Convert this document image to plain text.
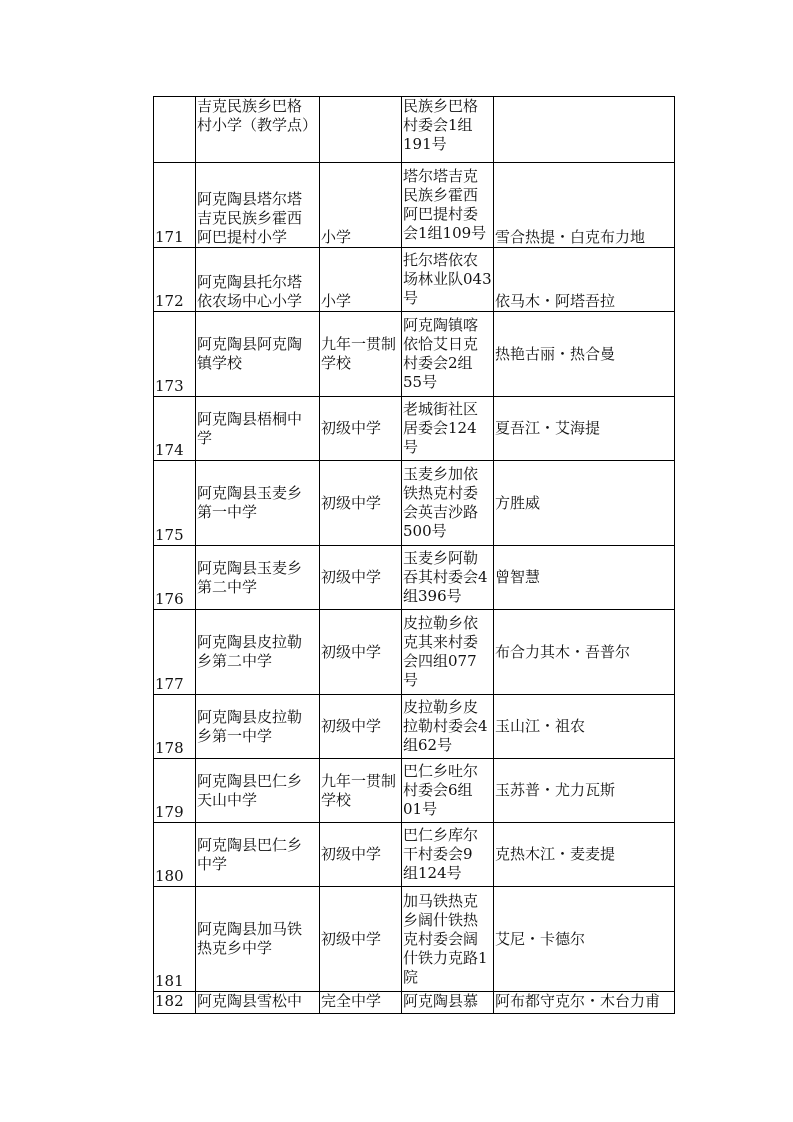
	吉克民族乡巴格
村小学（教学点）		民族乡巴格
村委会1组
191号	
171	阿克陶县塔尔塔
吉克民族乡霍西
阿巴提村小学	小学	塔尔塔吉克
民族乡霍西
阿巴提村委
会1组109号	雪合热提・白克布力地
172	阿克陶县托尔塔
依农场中心小学	小学	托尔塔依农
场林业队043
号	依马木・阿塔吾拉
173	阿克陶县阿克陶
镇学校	九年一贯制
学校	阿克陶镇喀
依恰艾日克
村委会2组
55号	热艳古丽・热合曼
174	阿克陶县梧桐中
学	初级中学	老城街社区
居委会124
号	夏吾江・艾海提
175	阿克陶县玉麦乡
第一中学	初级中学	玉麦乡加依
铁热克村委
会英吉沙路
500号	方胜威
176	阿克陶县玉麦乡
第二中学	初级中学	玉麦乡阿勒
吞其村委会4
组396号	曾智慧
177	阿克陶县皮拉勒
乡第二中学	初级中学	皮拉勒乡依
克其来村委
会四组077
号	布合力其木・吾普尔
178	阿克陶县皮拉勒
乡第一中学	初级中学	皮拉勒乡皮
拉勒村委会4
组62号	玉山江・祖农
179	阿克陶县巴仁乡
天山中学	九年一贯制
学校	巴仁乡吐尔
村委会6组
01号	玉苏普・尤力瓦斯
180	阿克陶县巴仁乡
中学	初级中学	巴仁乡库尔
干村委会9
组124号	克热木江・麦麦提
181	阿克陶县加马铁
热克乡中学	初级中学	加马铁热克
乡阔什铁热
克村委会阔
什铁力克路1
院	艾尼・卡德尔
182	阿克陶县雪松中	完全中学	阿克陶县慕	阿布都守克尔・木台力甫
